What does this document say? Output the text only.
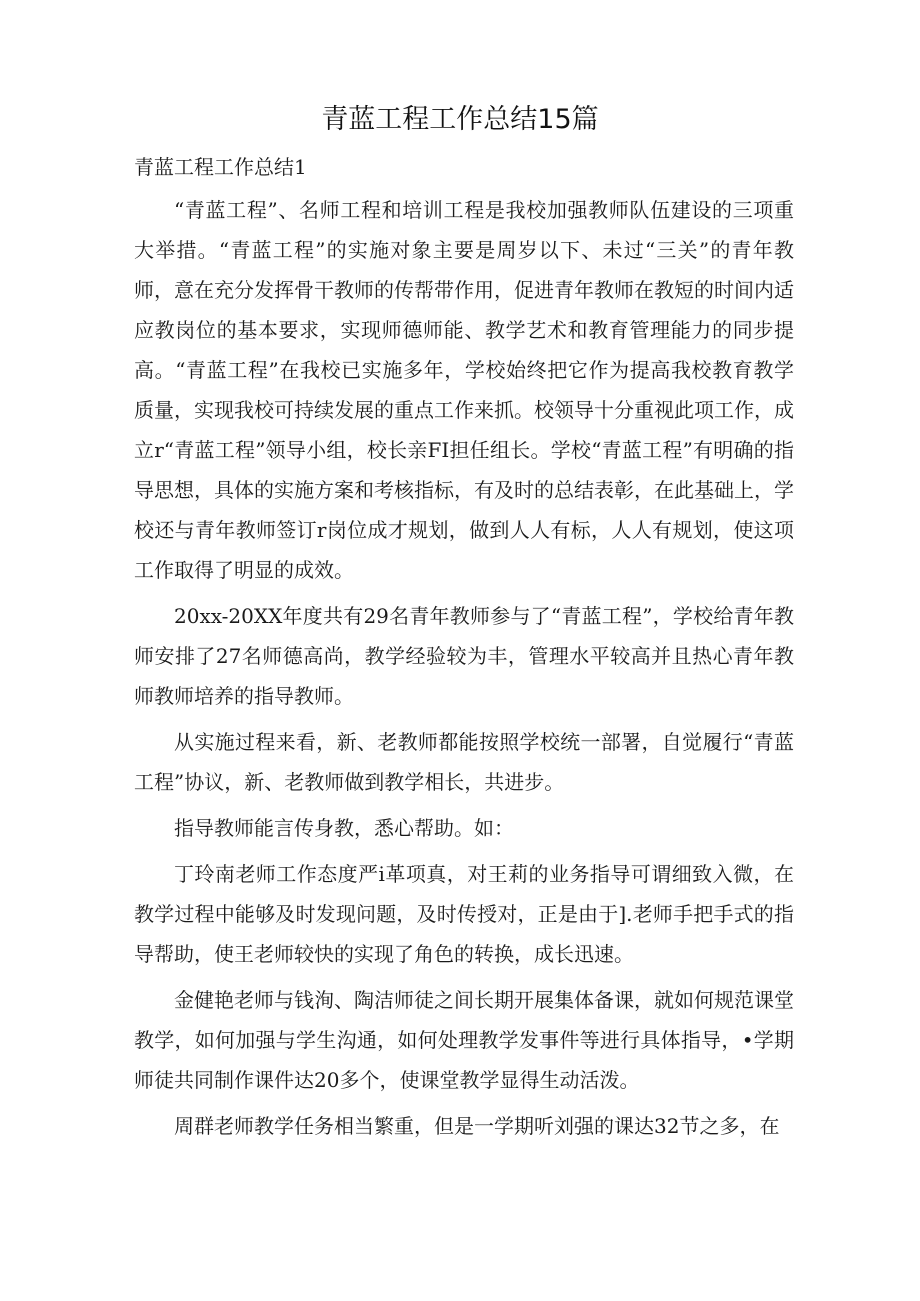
青蓝工程工作总结15篇

青蓝工程工作总结1

“青蓝工程”、名师工程和培训工程是我校加强教师队伍建设的三项重大举措。“青蓝工程”的实施对象主要是周岁以下、未过“三关”的青年教师，意在充分发挥骨干教师的传帮带作用，促进青年教师在教短的时间内适应教岗位的基本要求，实现师德师能、教学艺术和教育管理能力的同步提高。“青蓝工程”在我校已实施多年，学校始终把它作为提高我校教育教学质量，实现我校可持续发展的重点工作来抓。校领导十分重视此项工作，成立r“青蓝工程”领导小组，校长亲FI担任组长。学校“青蓝工程”有明确的指导思想，具体的实施方案和考核指标，有及时的总结表彰，在此基础上，学校还与青年教师签订r岗位成才规划，做到人人有标，人人有规划，使这项工作取得了明显的成效。

20xx-20XX年度共有29名青年教师参与了“青蓝工程”，学校给青年教师安排了27名师德高尚，教学经验较为丰，管理水平较高并且热心青年教师教师培养的指导教师。

从实施过程来看，新、老教师都能按照学校统一部署，自觉履行“青蓝工程”协议，新、老教师做到教学相长，共进步。

指导教师能言传身教，悉心帮助。如：

丁玲南老师工作态度严i革项真，对王莉的业务指导可谓细致入微，在教学过程中能够及时发现问题，及时传授对，正是由于].老师手把手式的指导帮助，使王老师较快的实现了角色的转换，成长迅速。

金健艳老师与钱洵、陶洁师徒之间长期开展集体备课，就如何规范课堂教学，如何加强与学生沟通，如何处理教学发事件等进行具体指导，•学期师徒共同制作课件达20多个，使课堂教学显得生动活泼。

周群老师教学任务相当繁重，但是一学期听刘强的课达32节之多，在
